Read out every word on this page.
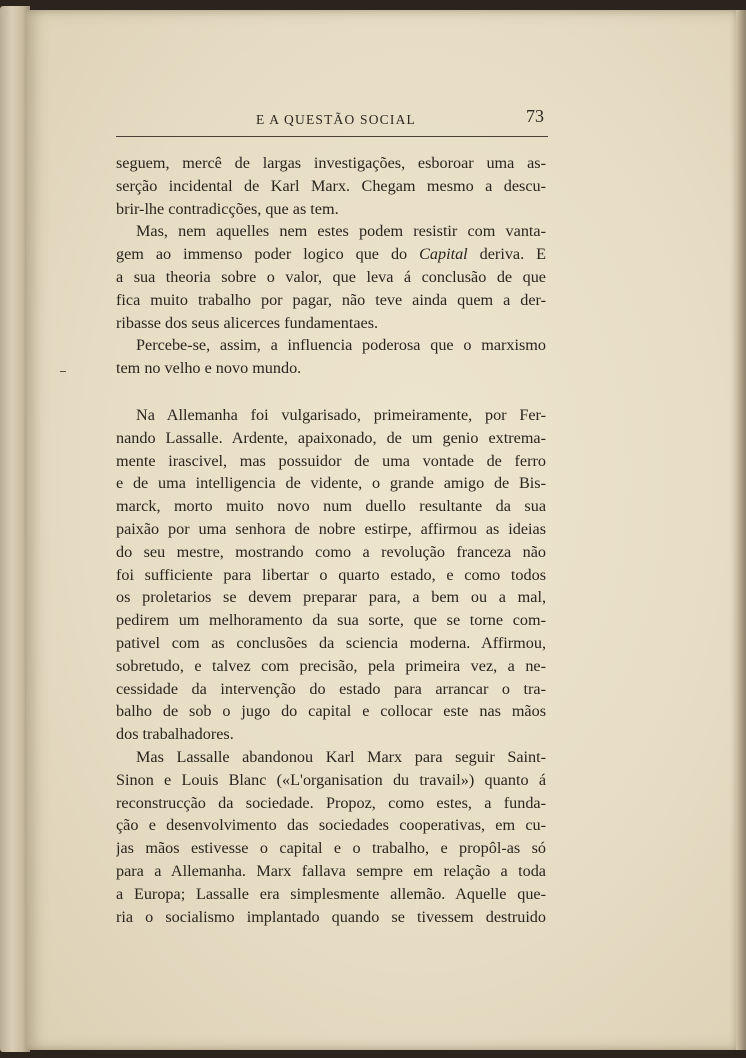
E A QUESTÃO SOCIAL	73
seguem, mercê de largas investigações, esboroar uma as-
serção incidental de Karl Marx. Chegam mesmo a descu-
brir-lhe contradicções, que as tem.
Mas, nem aquelles nem estes podem resistir com vanta-
gem ao immenso poder logico que do Capital deriva. E
a sua theoria sobre o valor, que leva á conclusão de que
fica muito trabalho por pagar, não teve ainda quem a der-
ribasse dos seus alicerces fundamentaes.
Percebe-se, assim, a influencia poderosa que o marxismo
tem no velho e novo mundo.
Na Allemanha foi vulgarisado, primeiramente, por Fer-
nando Lassalle. Ardente, apaixonado, de um genio extrema-
mente irascivel, mas possuidor de uma vontade de ferro
e de uma intelligencia de vidente, o grande amigo de Bis-
marck, morto muito novo num duello resultante da sua
paixão por uma senhora de nobre estirpe, affirmou as ideias
do seu mestre, mostrando como a revolução franceza não
foi sufficiente para libertar o quarto estado, e como todos
os proletarios se devem preparar para, a bem ou a mal,
pedirem um melhoramento da sua sorte, que se torne com-
pativel com as conclusões da sciencia moderna. Affirmou,
sobretudo, e talvez com precisão, pela primeira vez, a ne-
cessidade da intervenção do estado para arrancar o tra-
balho de sob o jugo do capital e collocar este nas mãos
dos trabalhadores.
Mas Lassalle abandonou Karl Marx para seguir Saint-
Sinon e Louis Blanc («L'organisation du travail») quanto á
reconstrucção da sociedade. Propoz, como estes, a funda-
ção e desenvolvimento das sociedades cooperativas, em cu-
jas mãos estivesse o capital e o trabalho, e propôl-as só
para a Allemanha. Marx fallava sempre em relação a toda
a Europa; Lassalle era simplesmente allemão. Aquelle que-
ria o socialismo implantado quando se tivessem destruido
